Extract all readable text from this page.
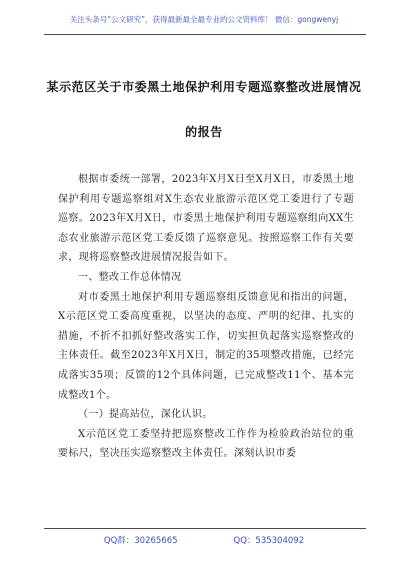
关注头条号“公文研究”，获得最新最全最专业的公文资料库！ 微信：gongwenyj
某示范区关于市委黑土地保护利用专题巡察整改进展情况
的报告

根据市委统一部署，2023年X月X日至X月X日，市委黑土地保护利用专题巡察组对X生态农业旅游示范区党工委进行了专题巡察。2023年X月X日，市委黑土地保护利用专题巡察组向XX生态农业旅游示范区党工委反馈了巡察意见。按照巡察工作有关要求，现将巡察整改进展情况报告如下。

一、整改工作总体情况

对市委黑土地保护利用专题巡察组反馈意见和指出的问题，X示范区党工委高度重视，以坚决的态度、严明的纪律、扎实的措施，不折不扣抓好整改落实工作，切实担负起落实巡察整改的主体责任。截至2023年X月X日，制定的35项整改措施，已经完成落实35项；反馈的12个具体问题，已完成整改11个、基本完成整改1个。

（一）提高站位，深化认识。

X示范区党工委坚持把巡察整改工作作为检验政治站位的重要标尺，坚决压实巡察整改主体责任。深刻认识市委

QQ群：30265665	QQ：535304092
